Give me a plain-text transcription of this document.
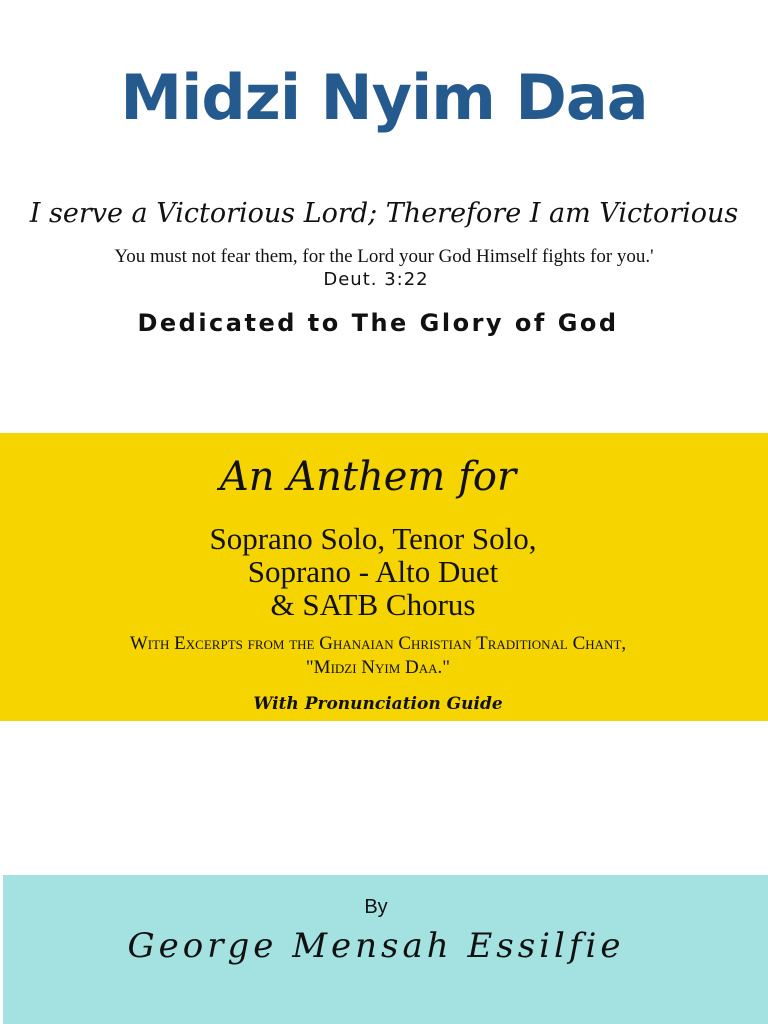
Midzi Nyim Daa
I serve a Victorious Lord; Therefore I am Victorious
You must not fear them, for the Lord your God Himself fights for you.'
Deut. 3:22
Dedicated to The Glory of God
An Anthem for
Soprano Solo, Tenor Solo,
Soprano - Alto Duet
& SATB Chorus
With Excerpts from the Ghanaian Christian Traditional Chant,
"Midzi Nyim Daa."
With Pronunciation Guide
By
George Mensah Essilfie
